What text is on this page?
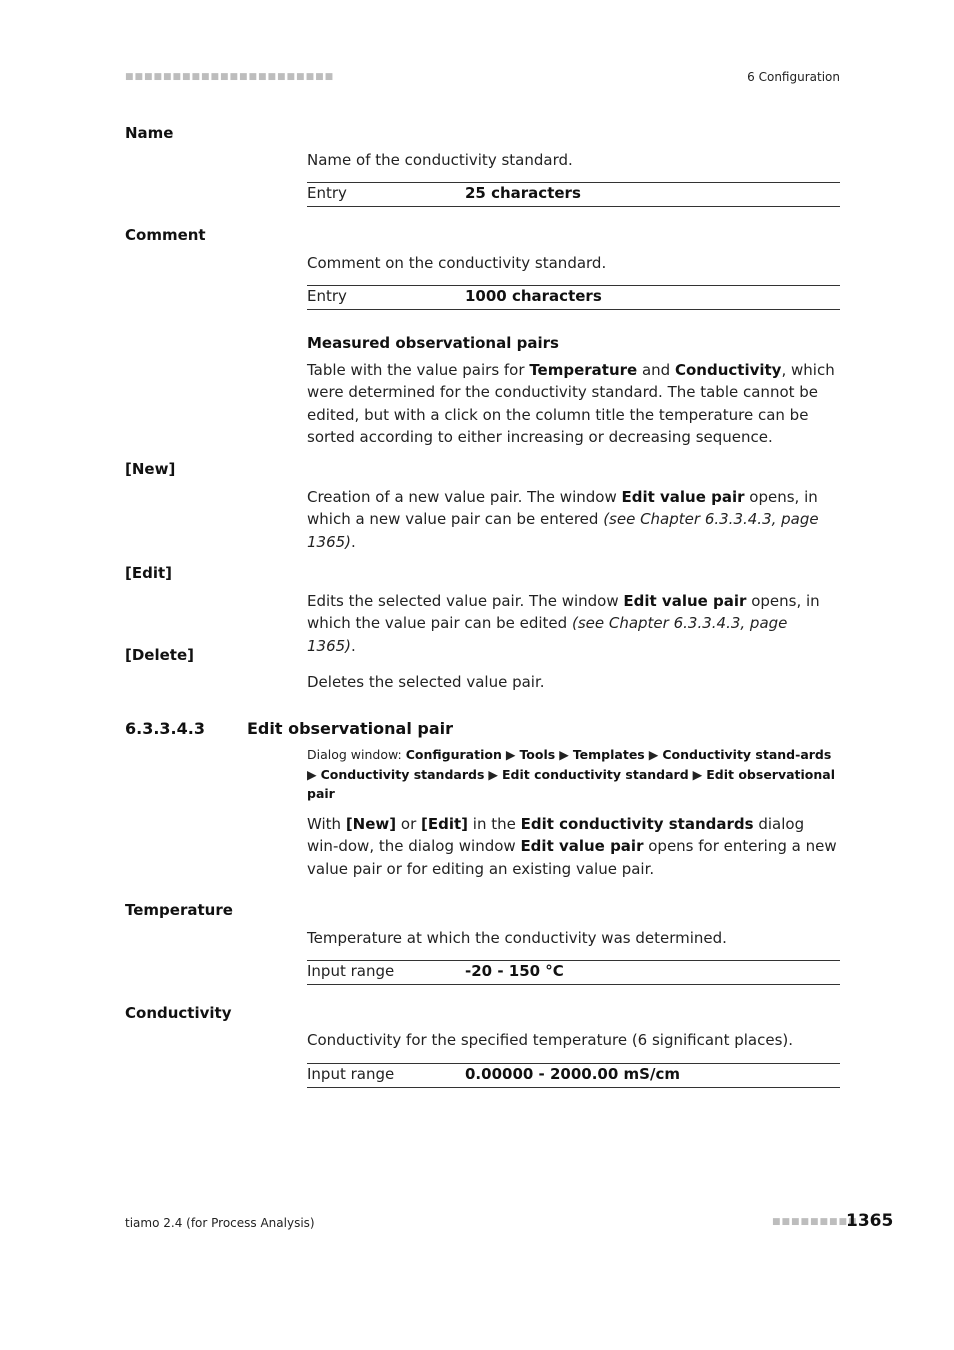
■■■■■■■■■■■■■■■■■■■■■■	6 Configuration
Name
Name of the conductivity standard.
Entry	25 characters
Comment
Comment on the conductivity standard.
Entry	1000 characters
Measured observational pairs
Table with the value pairs for Temperature and Conductivity, which were determined for the conductivity standard. The table cannot be edited, but with a click on the column title the temperature can be sorted according to either increasing or decreasing sequence.
[New]
Creation of a new value pair. The window Edit value pair opens, in which a new value pair can be entered (see Chapter 6.3.3.4.3, page 1365).
[Edit]
Edits the selected value pair. The window Edit value pair opens, in which the value pair can be edited (see Chapter 6.3.3.4.3, page 1365).
[Delete]
Deletes the selected value pair.
6.3.3.4.3	Edit observational pair
Dialog window: Configuration ▶ Tools ▶ Templates ▶ Conductivity stand-ards ▶ Conductivity standards ▶ Edit conductivity standard ▶ Edit observational pair
With [New] or [Edit] in the Edit conductivity standards dialog win-dow, the dialog window Edit value pair opens for entering a new value pair or for editing an existing value pair.
Temperature
Temperature at which the conductivity was determined.
Input range	-20 - 150 °C
Conductivity
Conductivity for the specified temperature (6 significant places).
Input range	0.00000 - 2000.00 mS/cm
tiamo 2.4 (for Process Analysis)	■■■■■■■■■
1365
